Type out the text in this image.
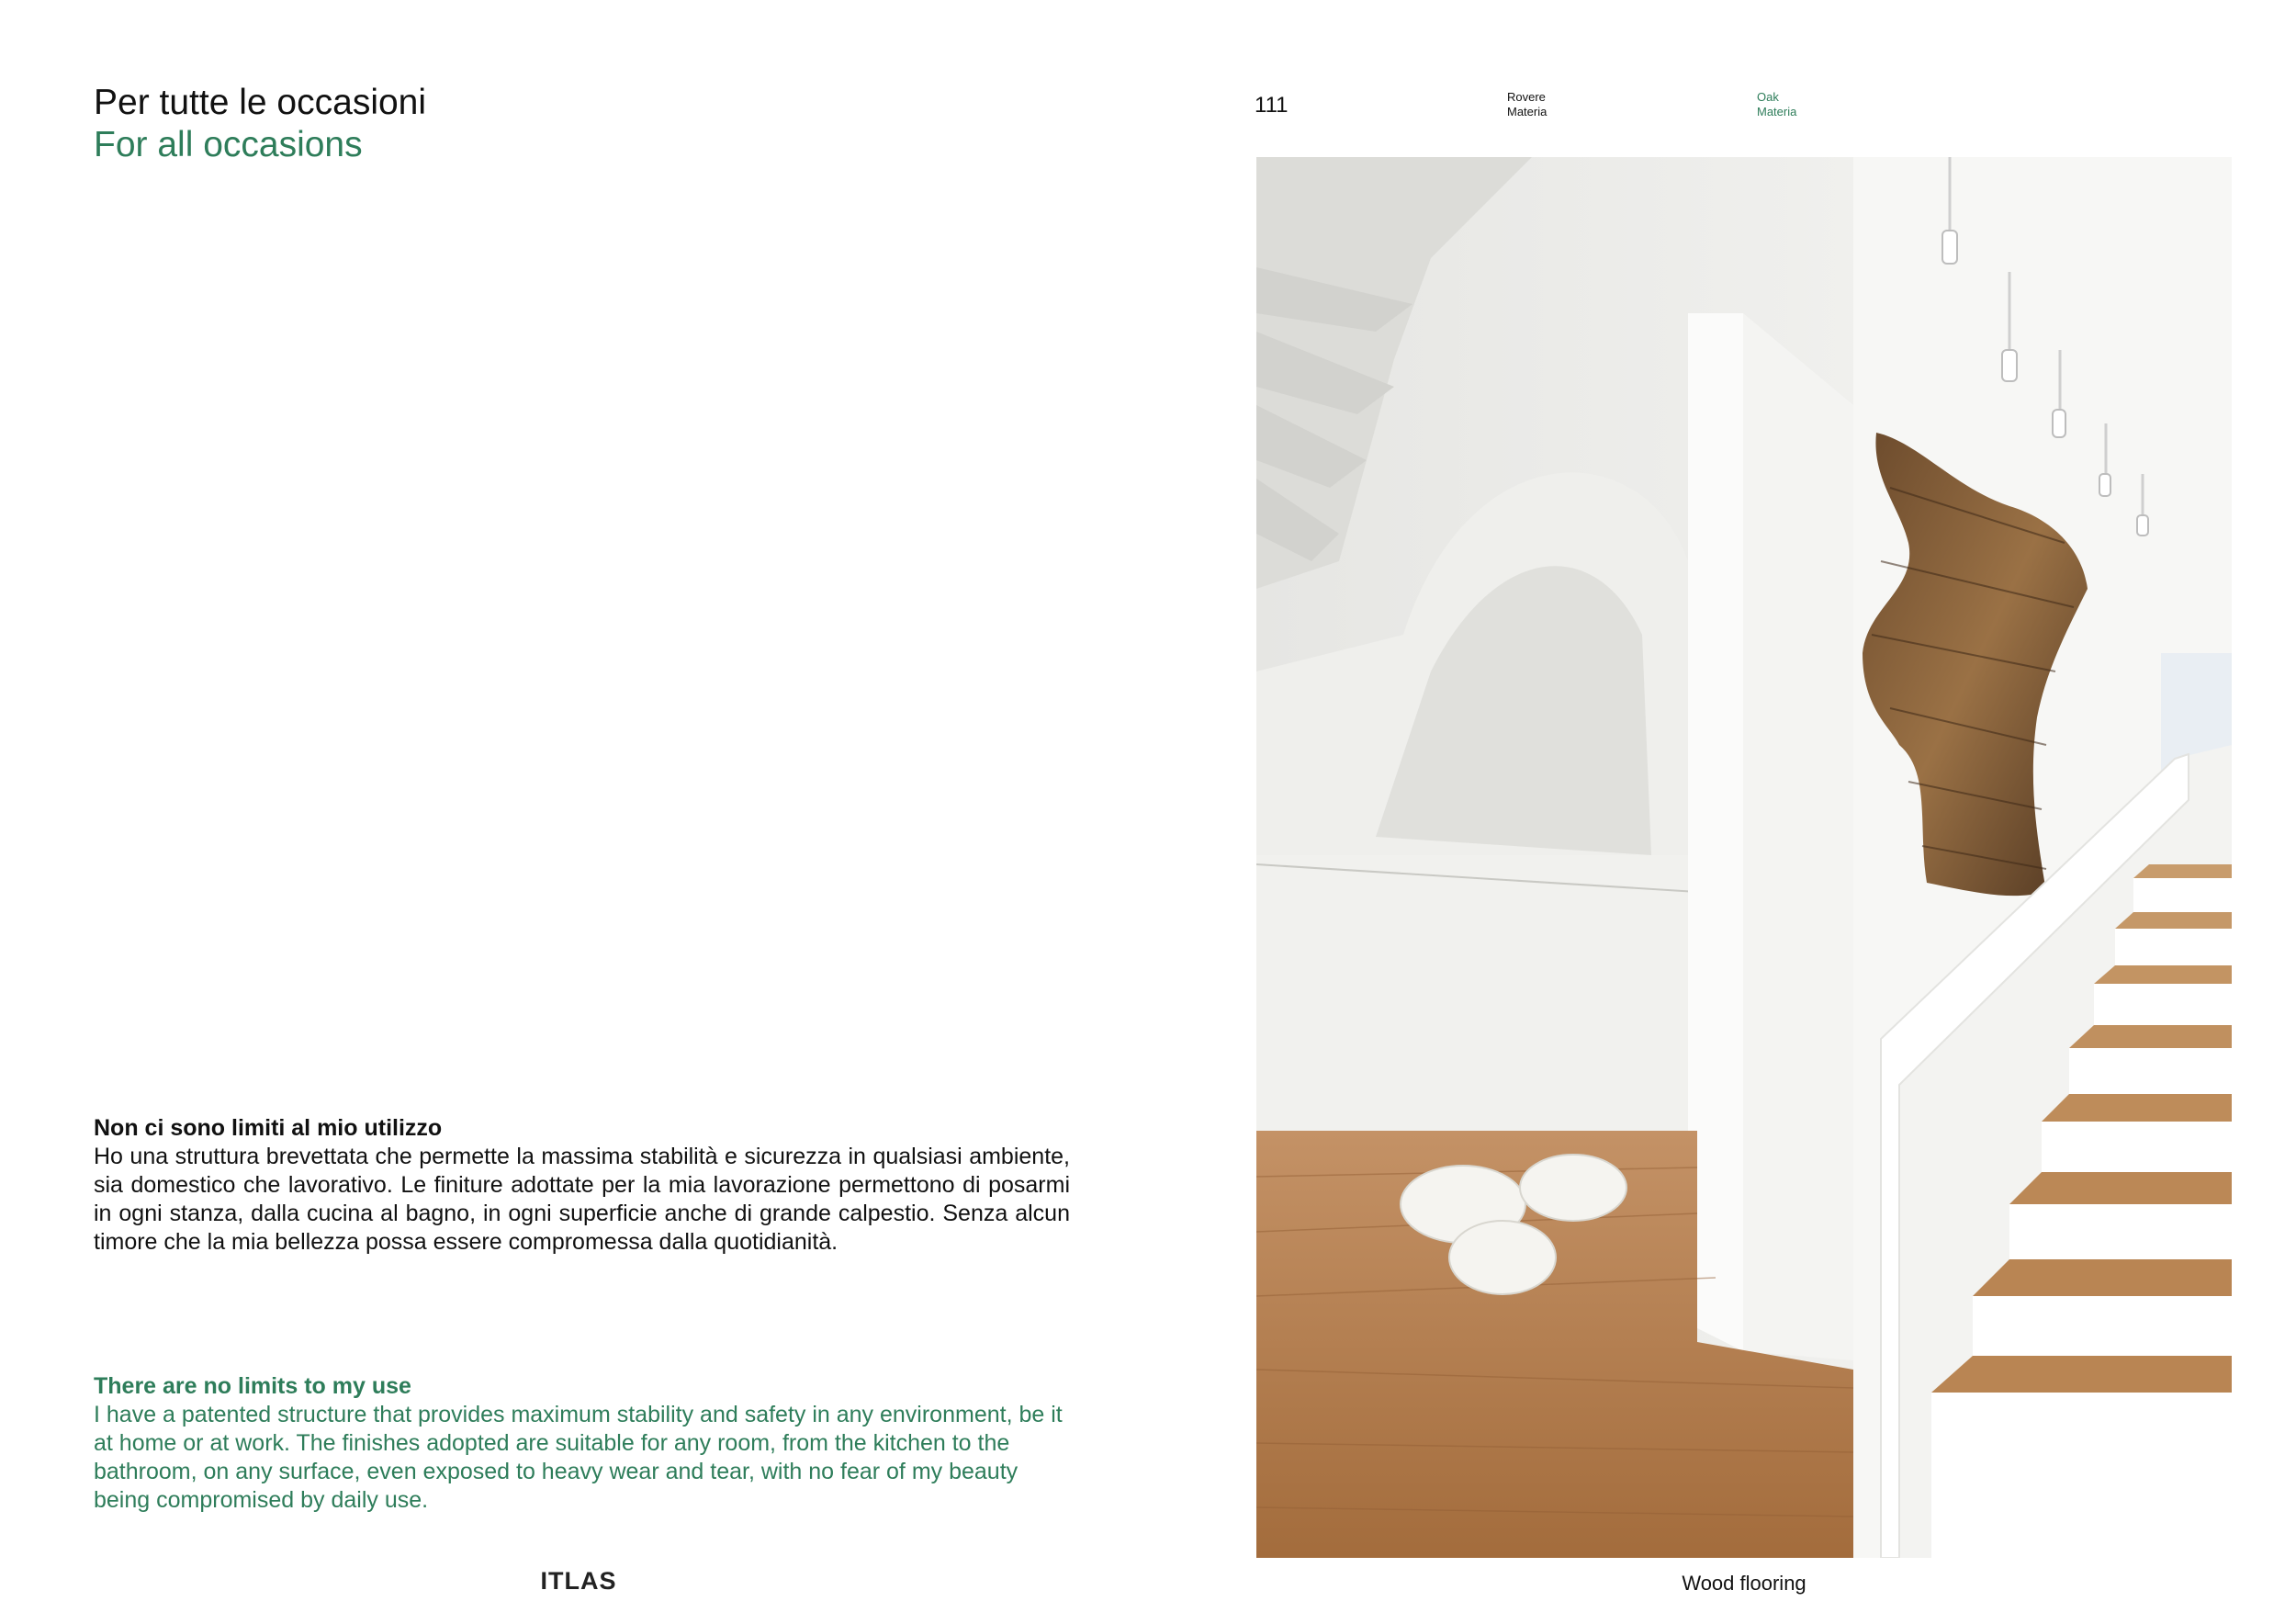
Per tutte le occasioni
For all occasions
Non ci sono limiti al mio utilizzo
Ho una struttura brevettata che permette la massima stabilità e sicurezza in qualsiasi ambiente, sia domestico che lavorativo. Le finiture adottate per la mia lavorazione permettono di posarmi in ogni stanza, dalla cucina al bagno, in ogni superficie anche di grande calpestio. Senza alcun timore che la mia bellezza possa essere compromessa dalla quotidianità.
There are no limits to my use
I have a patented structure that provides maximum stability and safety in any environment, be it at home or at work. The finishes adopted are suitable for any room, from the kitchen to the bathroom, on any surface, even exposed to heavy wear and tear, with no fear of my beauty being compromised by daily use.
ITLAS
111	Rovere
Materia
Oak
Materia
Wood flooring
